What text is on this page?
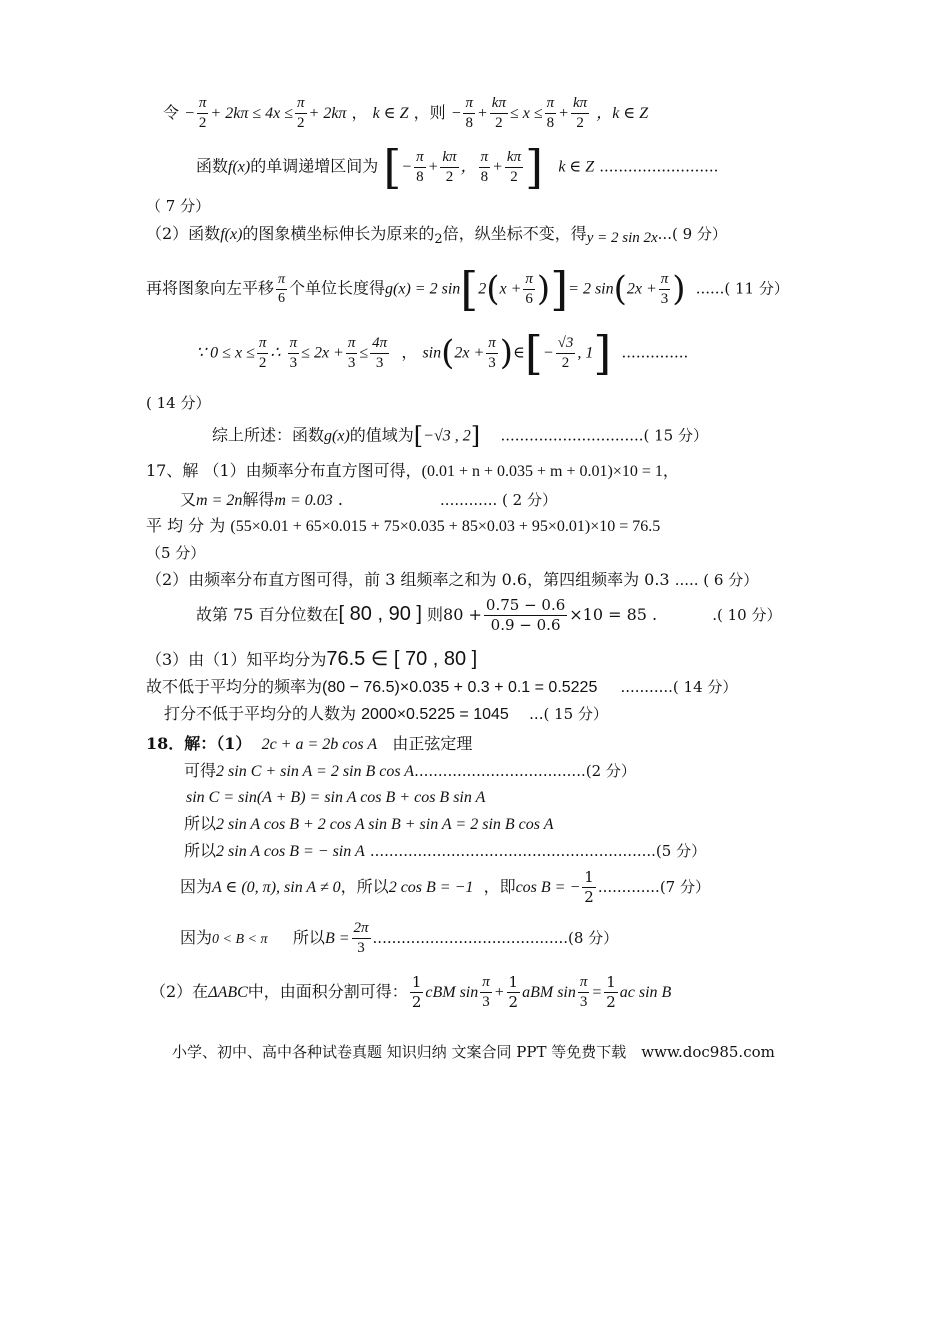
令 − $\frac{\pi}{2} + 2k\pi \le 4x \le \frac{\pi}{2} + 2k\pi$ ， k ∈ Z ，则 − $\frac{\pi}{8} + \frac{k\pi}{2} \le x \le \frac{\pi}{8} + \frac{k\pi}{2}$ ，k ∈ Z
函数f(x)的单调递增区间为 [− $\frac{\pi}{8} + \frac{k\pi}{2}$ ， $\frac{\pi}{8} + \frac{k\pi}{2}$ ] k ∈ Z .........................
（ 7 分）
（2）函数f(x)的图象横坐标伸长为原来的$_2$倍，纵坐标不变，得y = 2 sin 2x...( 9 分）
再将图象向左平移 $\frac{\pi}{6}$ 个单位长度得g(x) = 2 $\sin[2(x + \frac{\pi}{6}$ )]= 2 $\sin(2x + \frac{\pi}{3}$ ) ......( 11 分）
∵ $0 \le x \le \frac{\pi}{2}$ ∴ $\frac{\pi}{3} \le 2x + \frac{\pi}{3} \le \frac{4\pi}{3}$ ， $\sin(2x + \frac{\pi}{3}$ )∈[− $\frac{√3}{2}$ , 1] ..............
( 14 分）
综上所述：函数g(x)的值域为[−√3 , 2] ..............................( 15 分）
17、解 （1）由频率分布直方图可得，(0.01 + n + 0.035 + m + 0.01)×10 = 1，
又m = 2n解得m = 0.03 .	............ ( 2 分）
平 均 分 为 (55×0.01 + 65×0.015 + 75×0.035 + 85×0.03 + 95×0.01)×10 = 76.5
（5 分）
（2）由频率分布直方图可得，前 3 组频率之和为 0.6，第四组频率为 0.3 ..... ( 6 分）
故第 75 百分位数在[ 80 , 90 ] 则$80 + \frac{0.75 - 0.6}{0.9 - 0.6} \times 10 = 85$ .	.( 10 分）
（3）由（1）知平均分为76.5 ∈ [ 70 , 80 ]
故不低于平均分的频率为(80 − 76.5)×0.035 + 0.3 + 0.1 = 0.5225 ...........( 14 分）
打分不低于平均分的人数为 2000×0.5225 = 1045 ...( 15 分）
18．解：（1） 2c + a = 2b cos A 由正弦定理
可得2 sin C + sin A = 2 sin B cos A....................................(2 分）
sin C = sin(A + B) = sin A cos B + cos B sin A
所以2 sin A cos B + 2 cos A sin B + sin A = 2 sin B cos A
所以2 sin A cos B = − sin A ............................................................(5 分）
因为A ∈ (0, π), sin A ≠ 0，所以2 cos B = −1 ，即cos B = − $\frac{1}{2} .............(7$ 分）
因为0 < B < π 所以$B = \frac{2\pi}{3} .........................................(8$ 分）
（2）在ΔABC中，由面积分割可得： $\frac{1}{2}$ cBM $\sin \frac{\pi}{3} + \frac{1}{2}$ aBM $\sin \frac{\pi}{3} = \frac{1}{2}$ ac sin B
小学、初中、高中各种试卷真题 知识归纳 文案合同 PPT 等免费下载　www.doc985.com
